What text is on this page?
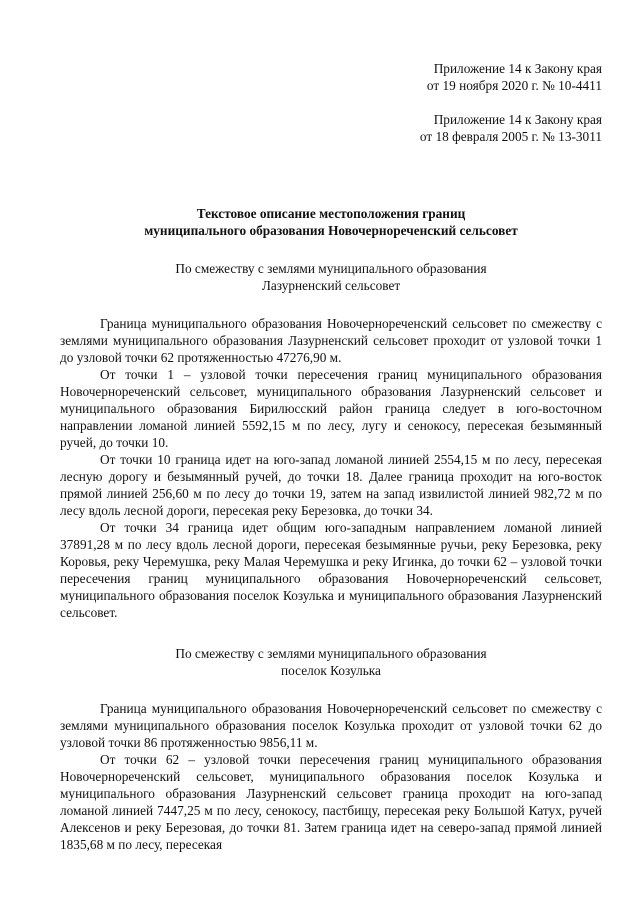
Приложение 14 к Закону края

от 19 ноября 2020 г. № 10-4411

Приложение 14 к Закону края

от 18 февраля 2005 г. № 13-3011

Текстовое описание местоположения границ

муниципального образования Новочернореченский сельсовет

По смежеству с землями муниципального образования

Лазурненский сельсовет

Граница муниципального образования Новочернореченский сельсовет по смежеству с землями муниципального образования Лазурненский сельсовет проходит от узловой точки 1 до узловой точки 62 протяженностью 47276,90 м.

От точки 1 – узловой точки пересечения границ муниципального образования Новочернореченский сельсовет, муниципального образования Лазурненский сельсовет и муниципального образования Бирилюсский район граница следует в юго-восточном направлении ломаной линией 5592,15 м по лесу, лугу и сенокосу, пересекая безымянный ручей, до точки 10.

От точки 10 граница идет на юго-запад ломаной линией 2554,15 м по лесу, пересекая лесную дорогу и безымянный ручей, до точки 18. Далее граница проходит на юго-восток прямой линией 256,60 м по лесу до точки 19, затем на запад извилистой линией 982,72 м по лесу вдоль лесной дороги, пересекая реку Березовка, до точки 34.

От точки 34 граница идет общим юго-западным направлением ломаной линией 37891,28 м по лесу вдоль лесной дороги, пересекая безымянные ручьи, реку Березовка, реку Коровья, реку Черемушка, реку Малая Черемушка и реку Игинка, до точки 62 – узловой точки пересечения границ муниципального образования Новочернореченский сельсовет, муниципального образования поселок Козулька и муниципального образования Лазурненский сельсовет.

По смежеству с землями муниципального образования

поселок Козулька

Граница муниципального образования Новочернореченский сельсовет по смежеству с землями муниципального образования поселок Козулька проходит от узловой точки 62 до узловой точки 86 протяженностью 9856,11 м.

От точки 62 – узловой точки пересечения границ муниципального образования Новочернореченский сельсовет, муниципального образования поселок Козулька и муниципального образования Лазурненский сельсовет граница проходит на юго-запад ломаной линией 7447,25 м по лесу, сенокосу, пастбищу, пересекая реку Большой Катух, ручей Алексенов и реку Березовая, до точки 81. Затем граница идет на северо-запад прямой линией 1835,68 м по лесу, пересекая
